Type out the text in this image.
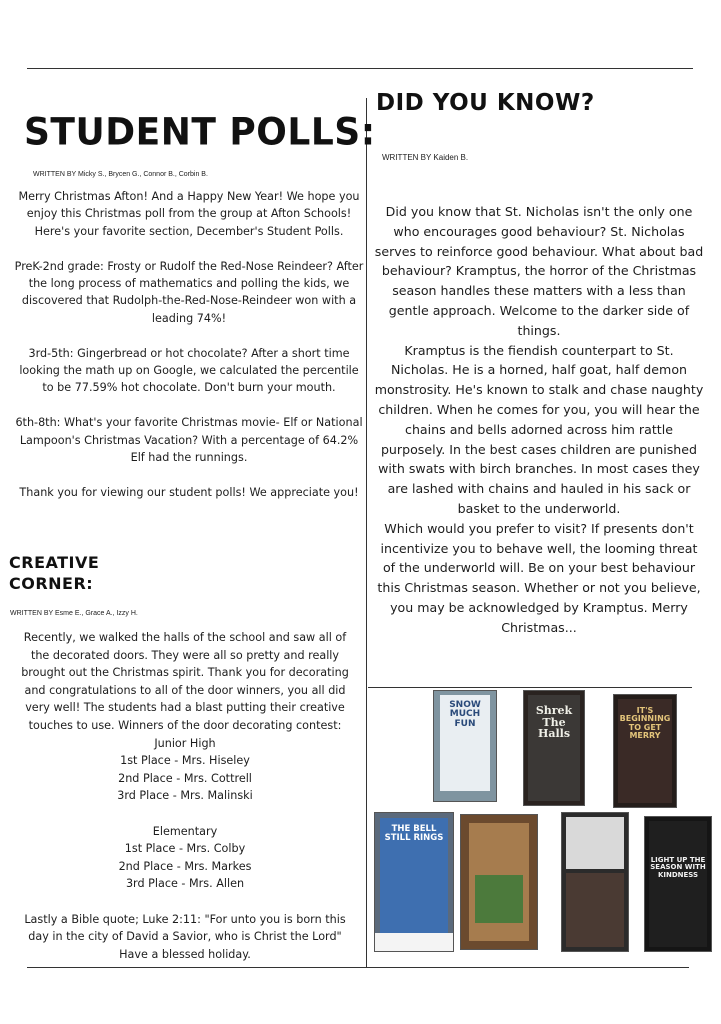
STUDENT POLLS:

WRITTEN BY Micky S., Brycen G., Connor B., Corbin B.

Merry Christmas Afton! And a Happy New Year! We hope you enjoy this Christmas poll from the group at Afton Schools! Here's your favorite section, December's Student Polls.

PreK-2nd grade: Frosty or Rudolf the Red-Nose Reindeer? After the long process of mathematics and polling the kids, we discovered that Rudolph-the-Red-Nose-Reindeer won with a leading 74%!

3rd-5th: Gingerbread or hot chocolate? After a short time looking the math up on Google, we calculated the percentile to be 77.59% hot chocolate. Don't burn your mouth.

6th-8th: What's your favorite Christmas movie- Elf or National Lampoon's Christmas Vacation? With a percentage of 64.2% Elf had the runnings.

Thank you for viewing our student polls! We appreciate you!

DID YOU KNOW?

WRITTEN BY Kaiden B.

Did you know that St. Nicholas isn't the only one who encourages good behaviour? St. Nicholas serves to reinforce good behaviour. What about bad behaviour? Kramptus, the horror of the Christmas season handles these matters with a less than gentle approach. Welcome to the darker side of things.

Kramptus is the fiendish counterpart to St. Nicholas. He is a horned, half goat, half demon monstrosity. He's known to stalk and chase naughty children. When he comes for you, you will hear the chains and bells adorned across him rattle purposely. In the best cases children are punished with swats with birch branches. In most cases they are lashed with chains and hauled in his sack or basket to the underworld.

Which would you prefer to visit? If presents don't incentivize you to behave well, the looming threat of the underworld will. Be on your best behaviour this Christmas season. Whether or not you believe, you may be acknowledged by Kramptus. Merry Christmas...

CREATIVE CORNER:

WRITTEN BY Esme E., Grace A., Izzy H.

Recently, we walked the halls of the school and saw all of the decorated doors. They were all so pretty and really brought out the Christmas spirit. Thank you for decorating and congratulations to all of the door winners, you all did very well! The students had a blast putting their creative touches to use. Winners of the door decorating contest:

Junior High

1st Place - Mrs. Hiseley

2nd Place - Mrs. Cottrell

3rd Place - Mrs. Malinski

Elementary

1st Place - Mrs. Colby

2nd Place - Mrs. Markes

3rd Place - Mrs. Allen

Lastly a Bible quote; Luke 2:11: "For unto you is born this day in the city of David a Savior, who is Christ the Lord" Have a blessed holiday.

SNOW MUCH FUN
Shrek The Halls
IT'S BEGINNING TO GET MERRY
THE BELL STILL RINGS
LIGHT UP THE SEASON WITH KINDNESS
